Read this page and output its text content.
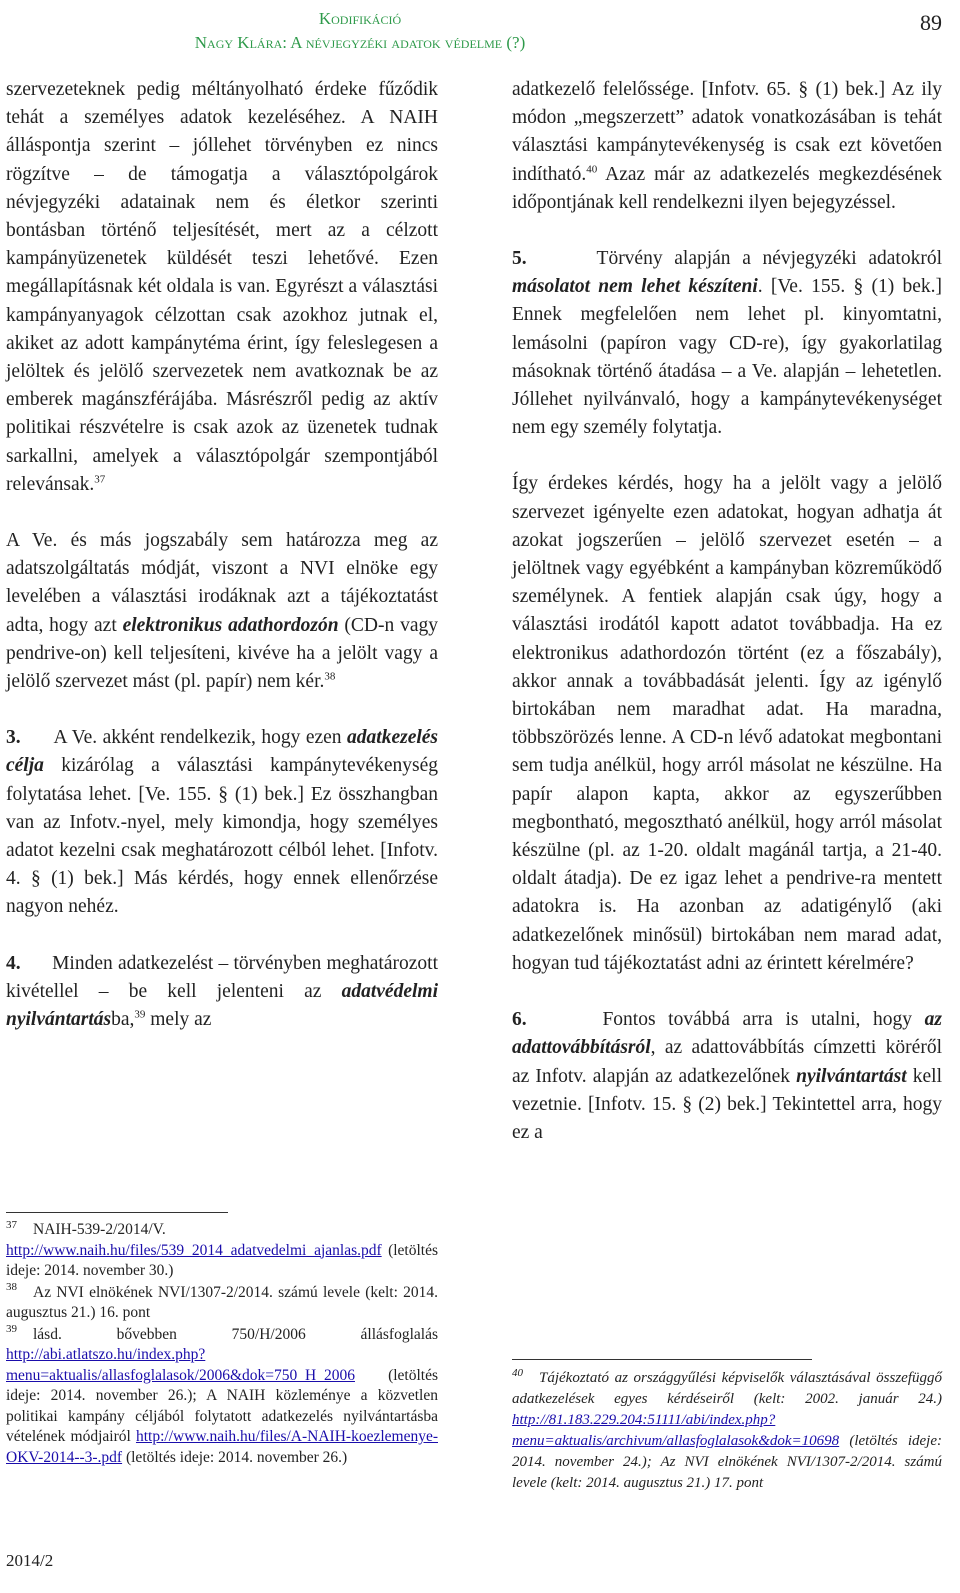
Kodifikáció
Nagy Klára: A névjegyzéki adatok védelme (?)
89

szervezeteknek pedig méltányolható érdeke fűződik tehát a személyes adatok kezeléséhez. A NAIH álláspontja szerint – jóllehet törvényben ez nincs rögzítve – de támogatja a választópolgárok névjegyzéki adatainak nem és életkor szerinti bontásban történő teljesítését, mert az a célzott kampányüzenetek küldését teszi lehetővé. Ezen megállapításnak két oldala is van. Egyrészt a választási kampányanyagok célzottan csak azokhoz jutnak el, akiket az adott kampánytéma érint, így feleslegesen a jelöltek és jelölő szervezetek nem avatkoznak be az emberek magánszférájába. Másrészről pedig az aktív politikai részvételre is csak azok az üzenetek tudnak sarkallni, amelyek a választópolgár szempontjából relevánsak.$^{37}$

A Ve. és más jogszabály sem határozza meg az adatszolgáltatás módját, viszont a NVI elnöke egy levelében a választási irodáknak azt a tájékoztatást adta, hogy azt elektronikus adathordozón (CD-n vagy pendrive-on) kell teljesíteni, kivéve ha a jelölt vagy a jelölő szervezet mást (pl. papír) nem kér.$^{38}$

3. A Ve. akként rendelkezik, hogy ezen adatkezelés célja kizárólag a választási kampánytevékenység folytatása lehet. [Ve. 155. § (1) bek.] Ez összhangban van az Infotv.-nyel, mely kimondja, hogy személyes adatot kezelni csak meghatározott célból lehet. [Infotv. 4. § (1) bek.] Más kérdés, hogy ennek ellenőrzése nagyon nehéz.

4. Minden adatkezelést – törvényben meghatározott kivétellel – be kell jelenteni az adatvédelmi nyilvántartásba,$^{39}$ mely az

adatkezelő felelőssége. [Infotv. 65. § (1) bek.] Az ily módon „megszerzett” adatok vonatkozásában is tehát választási kampánytevékenység is csak ezt követően indítható.$^{40}$ Azaz már az adatkezelés megkezdésének időpontjának kell rendelkezni ilyen bejegyzéssel.

5.	Törvény alapján a névjegyzéki adatokról másolatot nem lehet készíteni. [Ve. 155. § (1) bek.] Ennek megfelelően nem lehet pl. kinyomtatni, lemásolni (papíron vagy CD-re), így gyakorlatilag másoknak történő átadása – a Ve. alapján – lehetetlen. Jóllehet nyilvánvaló, hogy a kampánytevékenységet nem egy személy folytatja.

Így érdekes kérdés, hogy ha a jelölt vagy a jelölő szervezet igényelte ezen adatokat, hogyan adhatja át azokat jogszerűen – jelölő szervezet esetén – a jelöltnek vagy egyébként a kampányban közreműködő személynek. A fentiek alapján csak úgy, hogy a választási irodától kapott adatot továbbadja. Ha ez elektronikus adathordozón történt (ez a főszabály), akkor annak a továbbadását jelenti. Így az igénylő birtokában nem maradhat adat. Ha maradna, többszörözés lenne. A CD-n lévő adatokat megbontani sem tudja anélkül, hogy arról másolat ne készülne. Ha papír alapon kapta, akkor az egyszerűbben megbontható, megosztható anélkül, hogy arról másolat készülne (pl. az 1-20. oldalt magánál tartja, a 21-40. oldalt átadja). De ez igaz lehet a pendrive-ra mentett adatokra is. Ha azonban az adatigénylő (aki adatkezelőnek minősül) birtokában nem marad adat, hogyan tud tájékoztatást adni az érintett kérelmére?

6.	Fontos továbbá arra is utalni, hogy az adattovábbításról, az adattovábbítás címzetti köréről az Infotv. alapján az adatkezelőnek nyilvántartást kell vezetnie. [Infotv. 15. § (2) bek.] Tekintettel arra, hogy ez a

$^{37}$ NAIH-539-2/2014/V. http://www.naih.hu/files/539_2014_adatvedelmi_ajanlas.pdf (letöltés ideje: 2014. november 30.)

$^{38}$ Az NVI elnökének NVI/1307-2/2014. számú levele (kelt: 2014. augusztus 21.) 16. pont

$^{39}$ lásd. bővebben 750/H/2006 állásfoglalás http://abi.atlatszo.hu/index.php?menu=aktualis/allasfoglalasok/2006&dok=750_H_2006 (letöltés ideje: 2014. november 26.); A NAIH közleménye a közvetlen politikai kampány céljából folytatott adatkezelés nyilvántartásba vételének módjairól http://www.naih.hu/files/A-NAIH-koezlemenye-OKV-2014--3-.pdf (letöltés ideje: 2014. november 26.)

$^{40}$ Tájékoztató az országgyűlési képviselők választásával összefüggő adatkezelések egyes kérdéseiről (kelt: 2002. január 24.) http://81.183.229.204:51111/abi/index.php?menu=aktualis/archivum/allasfoglalasok&dok=10698 (letöltés ideje: 2014. november 24.); Az NVI elnökének NVI/1307-2/2014. számú levele (kelt: 2014. augusztus 21.) 17. pont

2014/2
